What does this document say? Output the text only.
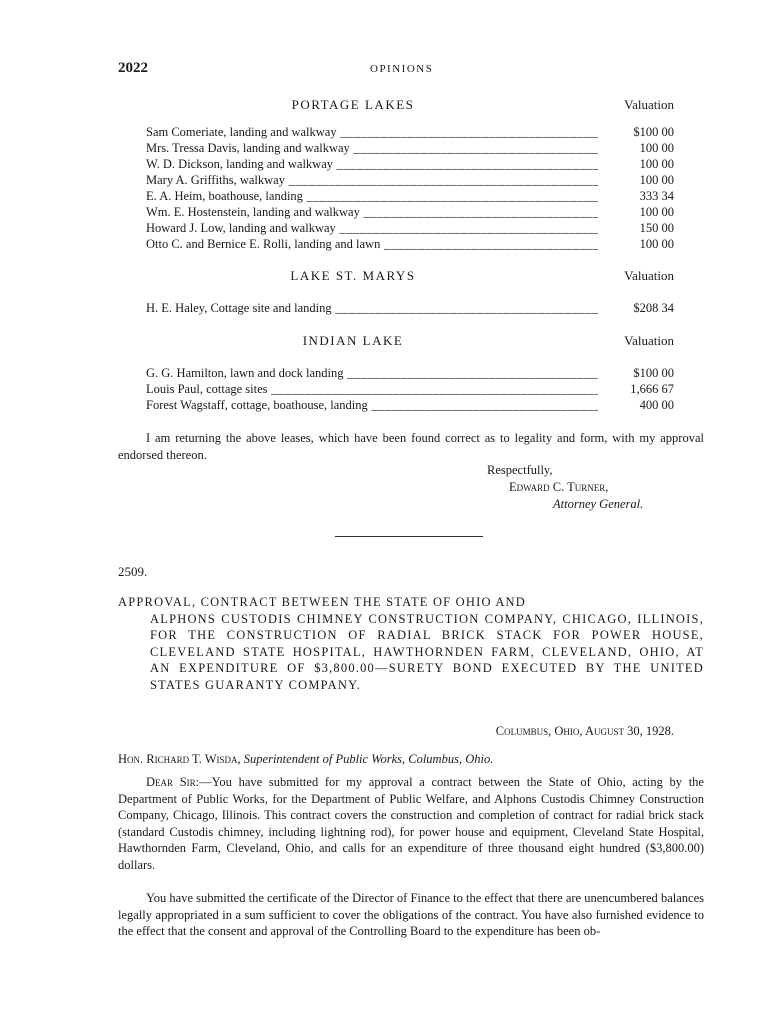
2022	OPINIONS
PORTAGE LAKES	Valuation
Sam Comeriate, landing and walkway _____	$100 00
Mrs. Tressa Davis, landing and walkway _____	100 00
W. D. Dickson, landing and walkway _____	100 00
Mary A. Griffiths, walkway _____	100 00
E. A. Heim, boathouse, landing _____	333 34
Wm. E. Hostenstein, landing and walkway _____	100 00
Howard J. Low, landing and walkway _____	150 00
Otto C. and Bernice E. Rolli, landing and lawn _____	100 00
LAKE ST. MARYS	Valuation
H. E. Haley, Cottage site and landing _____	$208 34
INDIAN LAKE	Valuation
G. G. Hamilton, lawn and dock landing _____	$100 00
Louis Paul, cottage sites _____	1,666 67
Forest Wagstaff, cottage, boathouse, landing _____	400 00

I am returning the above leases, which have been found correct as to legality and form, with my approval endorsed thereon.

Respectfully,
Edward C. Turner,
Attorney General.
2509.
APPROVAL, CONTRACT BETWEEN THE STATE OF OHIO AND
ALPHONS CUSTODIS CHIMNEY CONSTRUCTION COMPANY, CHICAGO, ILLINOIS, FOR THE CONSTRUCTION OF RADIAL BRICK STACK FOR POWER HOUSE, CLEVELAND STATE HOSPITAL, HAWTHORNDEN FARM, CLEVELAND, OHIO, AT AN EXPENDITURE OF $3,800.00—SURETY BOND EXECUTED BY THE UNITED STATES GUARANTY COMPANY.
Columbus, Ohio, August 30, 1928.
Hon. Richard T. Wisda, Superintendent of Public Works, Columbus, Ohio.

Dear Sir:—You have submitted for my approval a contract between the State of Ohio, acting by the Department of Public Works, for the Department of Public Welfare, and Alphons Custodis Chimney Construction Company, Chicago, Illinois. This contract covers the construction and completion of contract for radial brick stack (standard Custodis chimney, including lightning rod), for power house and equipment, Cleveland State Hospital, Hawthornden Farm, Cleveland, Ohio, and calls for an expenditure of three thousand eight hundred ($3,800.00) dollars.

You have submitted the certificate of the Director of Finance to the effect that there are unencumbered balances legally appropriated in a sum sufficient to cover the obligations of the contract. You have also furnished evidence to the effect that the consent and approval of the Controlling Board to the expenditure has been ob-
